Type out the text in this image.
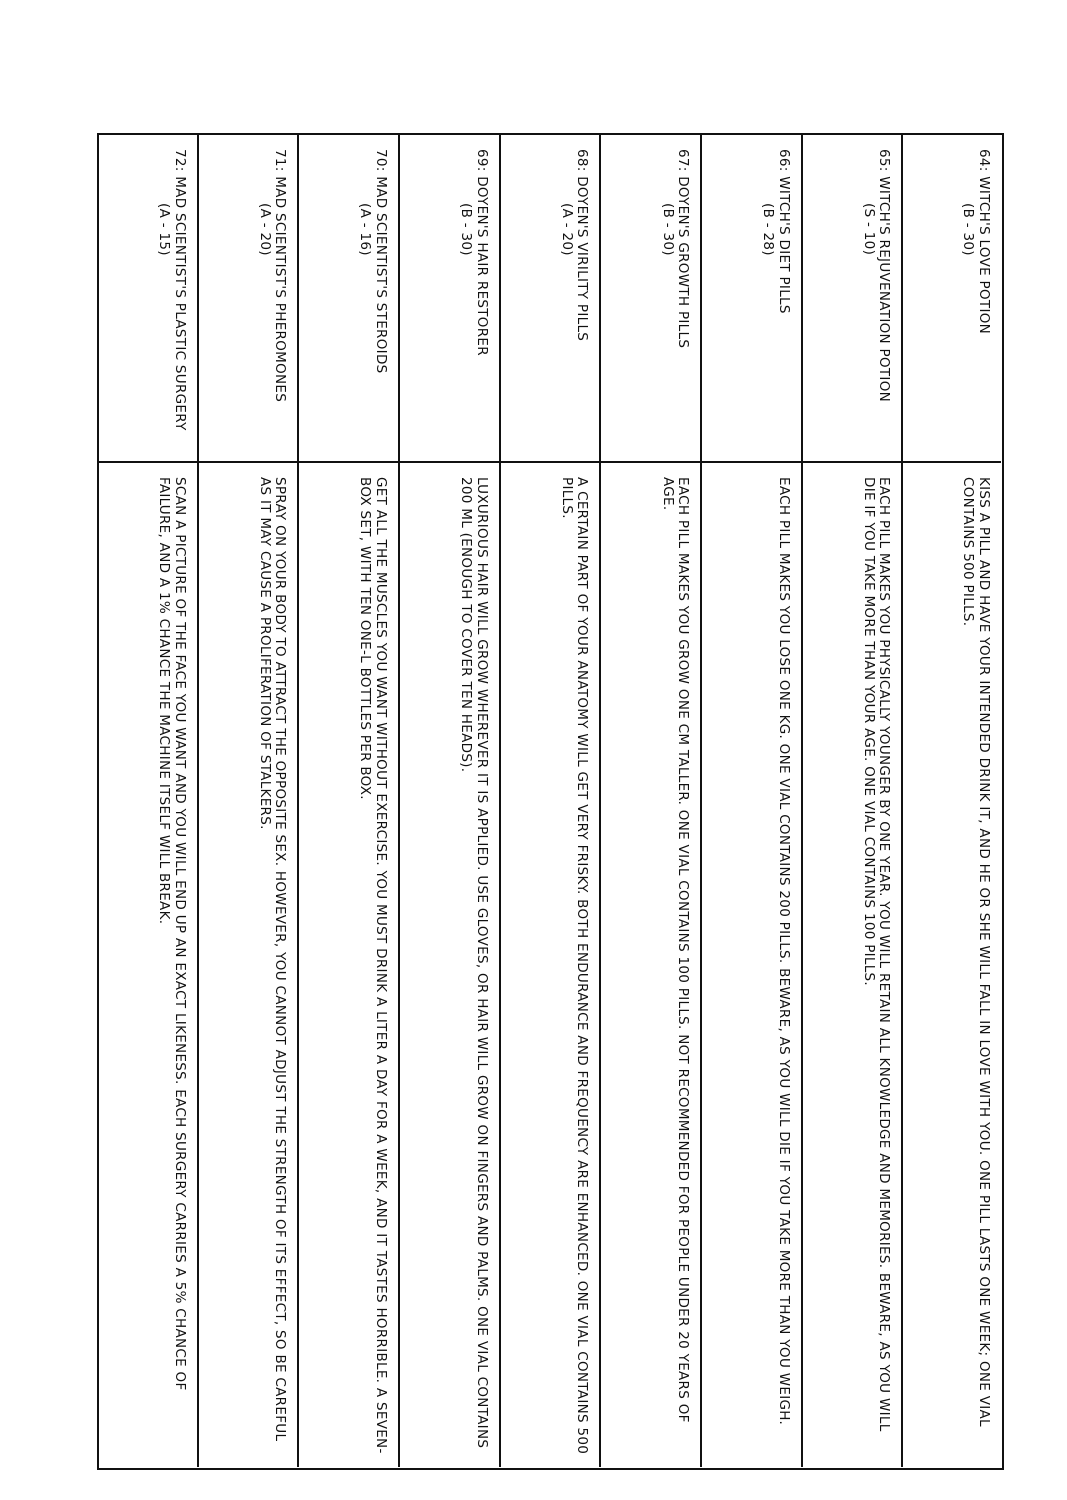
64: WITCH'S LOVE POTION
(B - 30)	KISS A PILL AND HAVE YOUR INTENDED DRINK IT, AND HE OR SHE WILL FALL IN LOVE WITH YOU. ONE PILL LASTS ONE WEEK; ONE VIAL CONTAINS 500 PILLS.

65: WITCH'S REJUVENATION POTION
(S - 10)	EACH PILL MAKES YOU PHYSICALLY YOUNGER BY ONE YEAR. YOU WILL RETAIN ALL KNOWLEDGE AND MEMORIES. BEWARE, AS YOU WILL DIE IF YOU TAKE MORE THAN YOUR AGE. ONE VIAL CONTAINS 100 PILLS.

66: WITCH'S DIET PILLS
(B - 28)	EACH PILL MAKES YOU LOSE ONE KG. ONE VIAL CONTAINS 200 PILLS. BEWARE, AS YOU WILL DIE IF YOU TAKE MORE THAN YOU WEIGH.

67: DOYEN'S GROWTH PILLS
(B - 30)	EACH PILL MAKES YOU GROW ONE CM TALLER. ONE VIAL CONTAINS 100 PILLS. NOT RECOMMENDED FOR PEOPLE UNDER 20 YEARS OF AGE.

68: DOYEN'S VIRILITY PILLS
(A - 20)	A CERTAIN PART OF YOUR ANATOMY WILL GET VERY FRISKY. BOTH ENDURANCE AND FREQUENCY ARE ENHANCED. ONE VIAL CONTAINS 500 PILLS.

69: DOYEN'S HAIR RESTORER
(B - 30)	LUXURIOUS HAIR WILL GROW WHEREVER IT IS APPLIED. USE GLOVES, OR HAIR WILL GROW ON FINGERS AND PALMS. ONE VIAL CONTAINS 200 ML (ENOUGH TO COVER TEN HEADS).

70: MAD SCIENTIST'S STEROIDS
(A - 16)	GET ALL THE MUSCLES YOU WANT WITHOUT EXERCISE. YOU MUST DRINK A LITER A DAY FOR A WEEK, AND IT TASTES HORRIBLE. A SEVEN-BOX SET, WITH TEN ONE-L BOTTLES PER BOX.

71: MAD SCIENTIST'S PHEROMONES
(A - 20)	SPRAY ON YOUR BODY TO ATTRACT THE OPPOSITE SEX. HOWEVER, YOU CANNOT ADJUST THE STRENGTH OF ITS EFFECT, SO BE CAREFUL AS IT MAY CAUSE A PROLIFERATION OF STALKERS.

72: MAD SCIENTIST'S PLASTIC SURGERY
(A - 15)	SCAN A PICTURE OF THE FACE YOU WANT AND YOU WILL END UP AN EXACT LIKENESS. EACH SURGERY CARRIES A 5% CHANCE OF FAILURE, AND A 1% CHANCE THE MACHINE ITSELF WILL BREAK.
